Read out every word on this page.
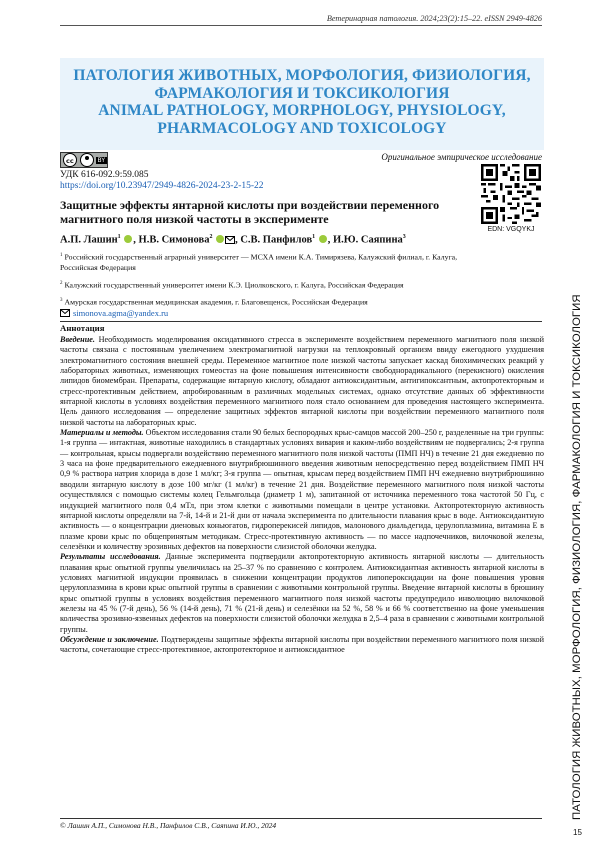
Ветеринарная патология. 2024;23(2):15–22. eISSN 2949-4826
ПАТОЛОГИЯ ЖИВОТНЫХ, МОРФОЛОГИЯ, ФИЗИОЛОГИЯ,
ФАРМАКОЛОГИЯ И ТОКСИКОЛОГИЯ
ANIMAL PATHOLOGY, MORPHOLOGY, PHYSIOLOGY,
PHARMACOLOGY AND TOXICOLOGY
cc	BY	Оригинальное эмпирическое исследование
УДК 616-092.9:59.085
https://doi.org/10.23947/2949-4826-2024-23-2-15-22
Защитные эффекты янтарной кислоты при воздействии переменного магнитного поля низкой частоты в эксперименте
EDN: VGQYKJ
А.П. Лашин$^1$ , Н.В. Симонова$^2$ , С.В. Панфилов$^1$ , И.Ю. Саяпина$^3$

$^1$ Российский государственный аграрный университет — МСХА имени К.А. Тимирязева, Калужский филиал, г. Калуга, Российская Федерация

$^2$ Калужский государственный университет имени К.Э. Циолковского, г. Калуга, Российская Федерация

$^3$ Амурская государственная медицинская академия, г. Благовещенск, Российская Федерация

simonova.agma@yandex.ru
Аннотация

Введение. Необходимость моделирования оксидативного стресса в эксперименте воздействием переменного магнитного поля низкой частоты связана с постоянным увеличением электромагнитной нагрузки на теплокровный организм ввиду ежегодного ухудшения электромагнитного состояния внешней среды. Переменное магнитное поле низкой частоты запускает каскад биохимических реакций у лабораторных животных, изменяющих гомеостаз на фоне повышения интенсивности свободнорадикального (перекисного) окисления липидов биомембран. Препараты, содержащие янтарную кислоту, обладают антиоксидантным, антигипоксантным, актопротекторным и стресс-протективным действием, апробированным в различных модельных системах, однако отсутствие данных об эффективности янтарной кислоты в условиях воздействия переменного магнитного поля стало основанием для проведения настоящего эксперимента. Цель данного исследования — определение защитных эффектов янтарной кислоты при воздействии переменного магнитного поля низкой частоты на лабораторных крыс.

Материалы и методы. Объектом исследования стали 90 белых беспородных крыс-самцов массой 200–250 г, разделенные на три группы: 1-я группа — интактная, животные находились в стандартных условиях вивария и каким-либо воздействиям не подвергались; 2-я группа — контрольная, крысы подвергали воздействию переменного магнитного поля низкой частоты (ПМП НЧ) в течение 21 дня ежедневно по 3 часа на фоне предварительного ежедневного внутрибрюшинного введения животным непосредственно перед воздействием ПМП НЧ 0,9 % раствора натрия хлорида в дозе 1 мл/кг; 3-я группа — опытная, крысам перед воздействием ПМП НЧ ежедневно внутрибрюшинно вводили янтарную кислоту в дозе 100 мг/кг (1 мл/кг) в течение 21 дня. Воздействие переменного магнитного поля низкой частоты осуществлялся с помощью системы колец Гельмгольца (диаметр 1 м), запитанной от источника переменного тока частотой 50 Гц, с индукцией магнитного поля 0,4 мТл, при этом клетки с животными помещали в центре установки. Актопротекторную активность янтарной кислоты определяли на 7-й, 14-й и 21-й дни от начала эксперимента по длительности плавания крыс в воде. Антиоксидантную активность — о концентрации диеновых коньюгатов, гидроперекисей липидов, малонового диальдегида, церулоплазмина, витамина Е в плазме крови крыс по общепринятым методикам. Стресс-протективную активность — по массе надпочечников, вилочковой железы, селезёнки и количеству эрозивных дефектов на поверхности слизистой оболочки желудка.

Результаты исследования. Данные эксперимента подтвердили актопротекторную активность янтарной кислоты — длительность плавания крыс опытной группы увеличилась на 25–37 % по сравнению с контролем. Антиоксидантная активность янтарной кислоты в условиях магнитной индукции проявилась в снижении концентрации продуктов липопероксидации на фоне повышения уровня церулоплазмина в крови крыс опытной группы в сравнении с животными контрольной группы. Введение янтарной кислоты в брюшину крыс опытной группы в условиях воздействия переменного магнитного поля низкой частоты предупредило инволюцию вилочковой железы на 45 % (7-й день), 56 % (14-й день), 71 % (21-й день) и селезёнки на 52 %, 58 % и 66 % соответственно на фоне уменьшения количества эрозивно-язвенных дефектов на поверхности слизистой оболочки желудка в 2,5–4 раза в сравнении с животными контрольной группы.

Обсуждение и заключение. Подтверждены защитные эффекты янтарной кислоты при воздействии переменного магнитного поля низкой частоты, сочетающие стресс-протективное, актопротекторное и антиоксидантное	ПАТОЛОГИЯ ЖИВОТНЫХ, МОРФОЛОГИЯ, ФИЗИОЛОГИЯ, ФАРМАКОЛОГИЯ И ТОКСИКОЛОГИЯ
© Лашин А.П., Симонова Н.В., Панфилов С.В., Саяпина И.Ю., 2024
15
